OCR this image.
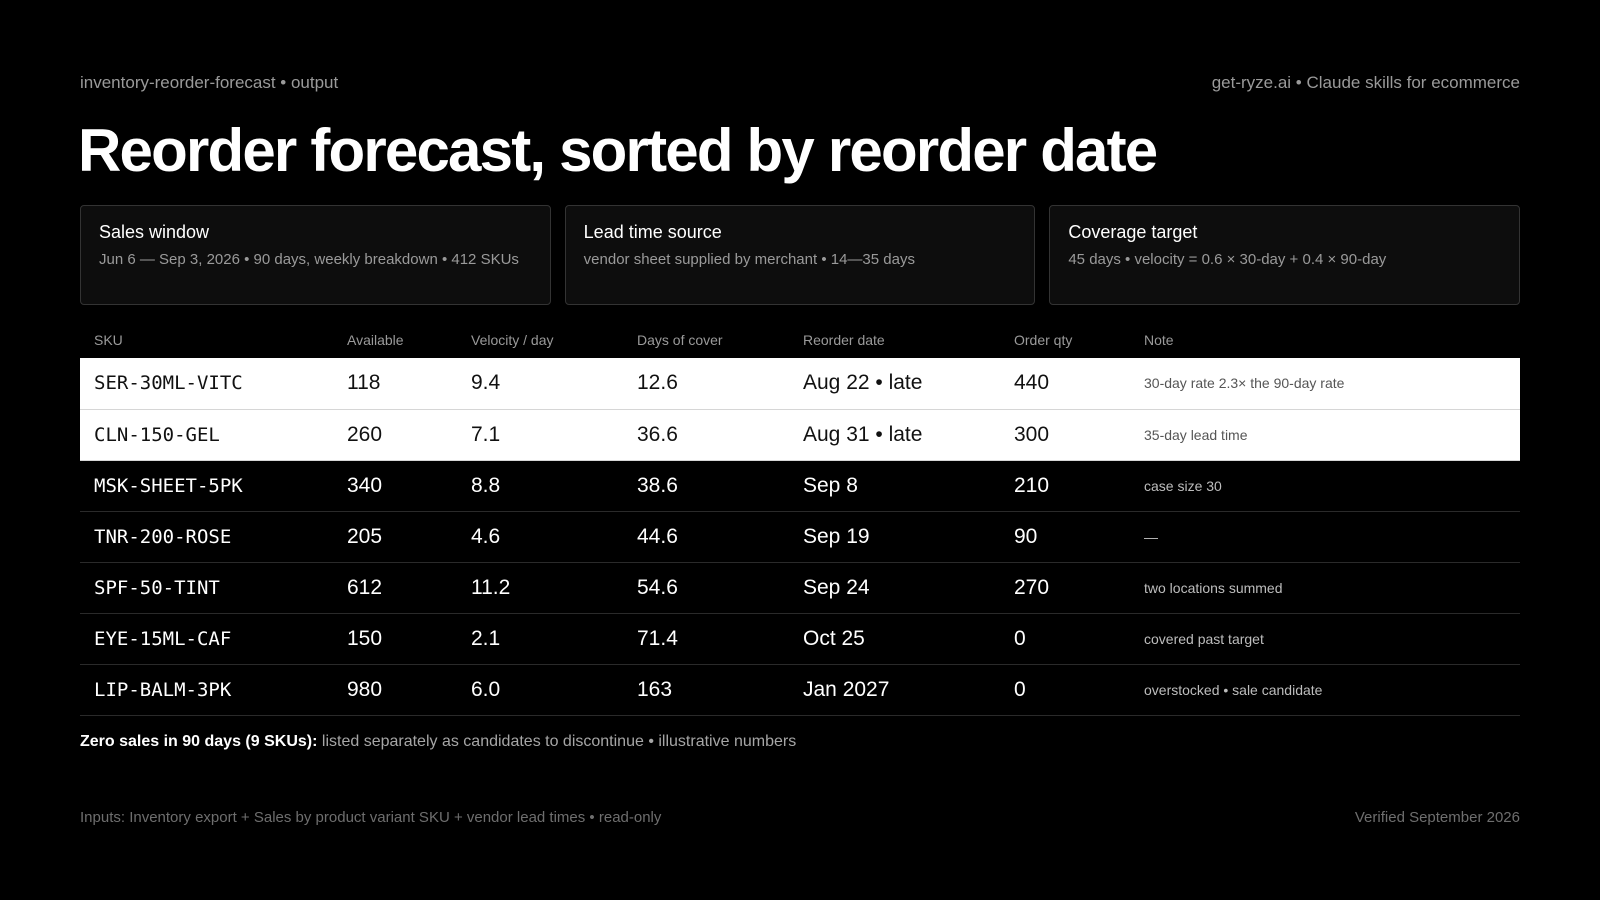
inventory-reorder-forecast • output	get-ryze.ai • Claude skills for ecommerce
Reorder forecast, sorted by reorder date
Sales window
Jun 6 — Sep 3, 2026 • 90 days, weekly breakdown • 412 SKUs
Lead time source
vendor sheet supplied by merchant • 14—35 days
Coverage target
45 days • velocity = 0.6 × 30-day + 0.4 × 90-day
SKU	Available	Velocity / day	Days of cover	Reorder date	Order qty	Note
SER-30ML-VITC	118	9.4	12.6	Aug 22 • late	440	30-day rate 2.3× the 90-day rate
CLN-150-GEL	260	7.1	36.6	Aug 31 • late	300	35-day lead time
MSK-SHEET-5PK	340	8.8	38.6	Sep 8	210	case size 30
TNR-200-ROSE	205	4.6	44.6	Sep 19	90	—
SPF-50-TINT	612	11.2	54.6	Sep 24	270	two locations summed
EYE-15ML-CAF	150	2.1	71.4	Oct 25	0	covered past target
LIP-BALM-3PK	980	6.0	163	Jan 2027	0	overstocked • sale candidate
Zero sales in 90 days (9 SKUs): listed separately as candidates to discontinue • illustrative numbers
Inputs: Inventory export + Sales by product variant SKU + vendor lead times • read-only	Verified September 2026
